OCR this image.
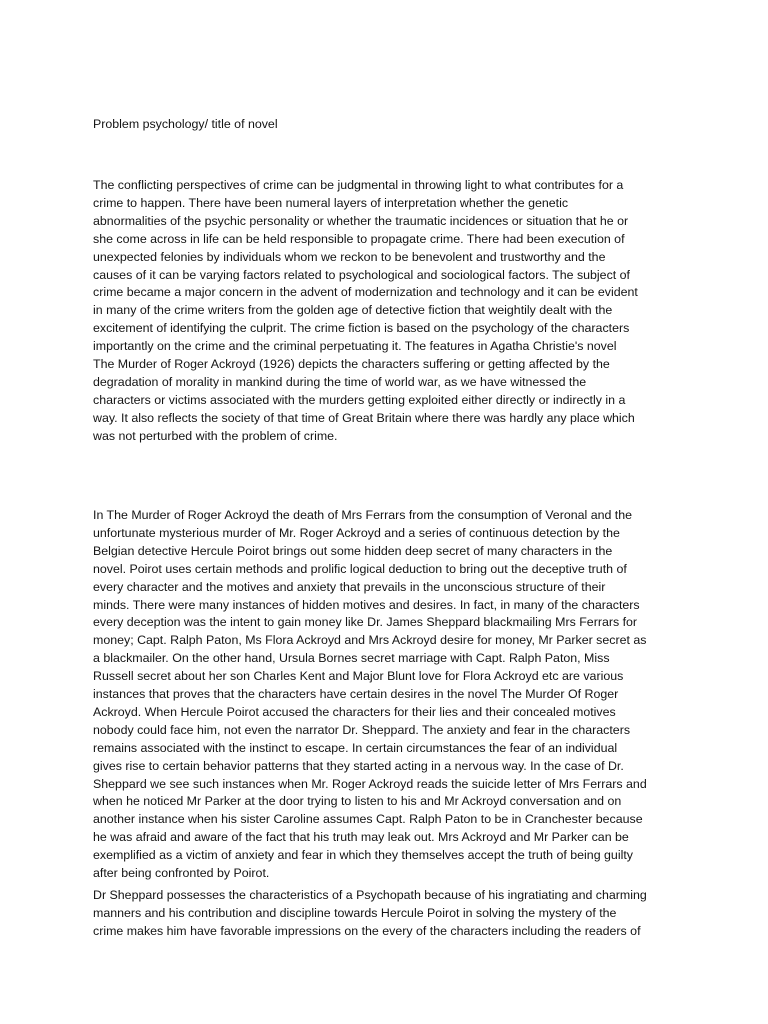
Problem psychology/ title of novel
The conflicting perspectives of crime can be judgmental in throwing light to what contributes for a
crime to happen. There have been numeral layers of interpretation whether the genetic
abnormalities of the psychic personality or whether the traumatic incidences or situation that he or
she come across in life can be held responsible to propagate crime. There had been execution of
unexpected felonies by individuals whom we reckon to be benevolent and trustworthy and the
causes of it can be varying factors related to psychological and sociological factors. The subject of
crime became a major concern in the advent of modernization and technology and it can be evident
in many of the crime writers from the golden age of detective fiction that weightily dealt with the
excitement of identifying the culprit. The crime fiction is based on the psychology of the characters
importantly on the crime and the criminal perpetuating it. The features in Agatha Christie's novel
The Murder of Roger Ackroyd (1926) depicts the characters suffering or getting affected by the
degradation of morality in mankind during the time of world war, as we have witnessed the
characters or victims associated with the murders getting exploited either directly or indirectly in a
way. It also reflects the society of that time of Great Britain where there was hardly any place which
was not perturbed with the problem of crime.
In The Murder of Roger Ackroyd the death of Mrs Ferrars from the consumption of Veronal and the
unfortunate mysterious murder of Mr. Roger Ackroyd and a series of continuous detection by the
Belgian detective Hercule Poirot brings out some hidden deep secret of many characters in the
novel. Poirot uses certain methods and prolific logical deduction to bring out the deceptive truth of
every character and the motives and anxiety that prevails in the unconscious structure of their
minds. There were many instances of hidden motives and desires. In fact, in many of the characters
every deception was the intent to gain money like Dr. James Sheppard blackmailing Mrs Ferrars for
money; Capt. Ralph Paton, Ms Flora Ackroyd and Mrs Ackroyd desire for money, Mr Parker secret as
a blackmailer. On the other hand, Ursula Bornes secret marriage with Capt. Ralph Paton, Miss
Russell secret about her son Charles Kent and Major Blunt love for Flora Ackroyd etc are various
instances that proves that the characters have certain desires in the novel The Murder Of Roger
Ackroyd. When Hercule Poirot accused the characters for their lies and their concealed motives
nobody could face him, not even the narrator Dr. Sheppard. The anxiety and fear in the characters
remains associated with the instinct to escape. In certain circumstances the fear of an individual
gives rise to certain behavior patterns that they started acting in a nervous way. In the case of Dr.
Sheppard we see such instances when Mr. Roger Ackroyd reads the suicide letter of Mrs Ferrars and
when he noticed Mr Parker at the door trying to listen to his and Mr Ackroyd conversation and on
another instance when his sister Caroline assumes Capt. Ralph Paton to be in Cranchester because
he was afraid and aware of the fact that his truth may leak out. Mrs Ackroyd and Mr Parker can be
exemplified as a victim of anxiety and fear in which they themselves accept the truth of being guilty
after being confronted by Poirot.
Dr Sheppard possesses the characteristics of a Psychopath because of his ingratiating and charming
manners and his contribution and discipline towards Hercule Poirot in solving the mystery of the
crime makes him have favorable impressions on the every of the characters including the readers of
